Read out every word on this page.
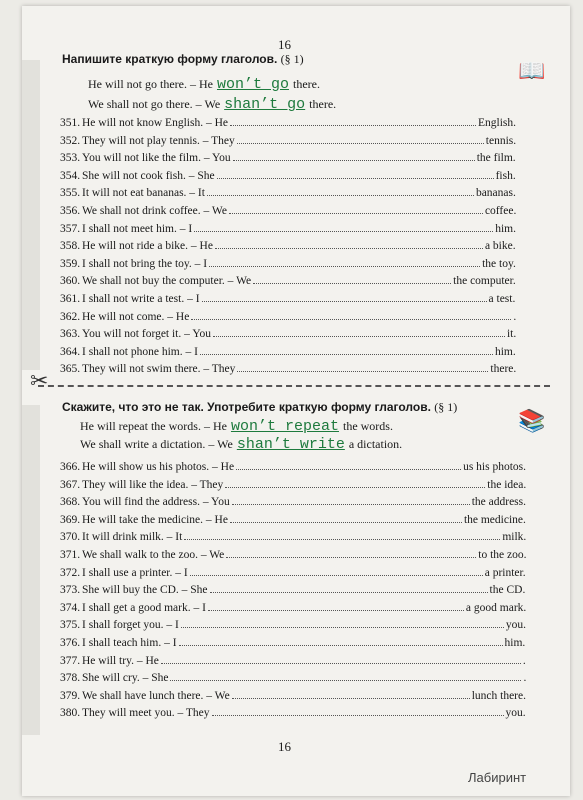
16
Напишите краткую форму глаголов. (§ 1)	📖
He will not go there. – He won’t go there.
We shall not go there. – We shan’t go there.
351. He will not know English. – He	English.
352. They will not play tennis. – They	tennis.
353. You will not like the film. – You	the film.
354. She will not cook fish. – She	fish.
355. It will not eat bananas. – It	bananas.
356. We shall not drink coffee. – We	coffee.
357. I shall not meet him. – I	him.
358. He will not ride a bike. – He	a bike.
359. I shall not bring the toy. – I	the toy.
360. We shall not buy the computer. – We	the computer.
361. I shall not write a test. – I	a test.
362. He will not come. – He	.
363. You will not forget it. – You	it.
364. I shall not phone him. – I	him.
365. They will not swim there. – They	there.
✂
Скажите, что это не так. Употребите краткую форму глаголов. (§ 1)
📚
He will repeat the words. – He won’t repeat the words.
We shall write a dictation. – We shan’t write a dictation.
366. He will show us his photos. – He	us his photos.
367. They will like the idea. – They	the idea.
368. You will find the address. – You	the address.
369. He will take the medicine. – He	the medicine.
370. It will drink milk. – It	milk.
371. We shall walk to the zoo. – We	to the zoo.
372. I shall use a printer. – I	a printer.
373. She will buy the CD. – She	the CD.
374. I shall get a good mark. – I	a good mark.
375. I shall forget you. – I	you.
376. I shall teach him. – I	him.
377. He will try. – He	.
378. She will cry. – She	.
379. We shall have lunch there. – We	lunch there.
380. They will meet you. – They	you.
16
Лабиринт
